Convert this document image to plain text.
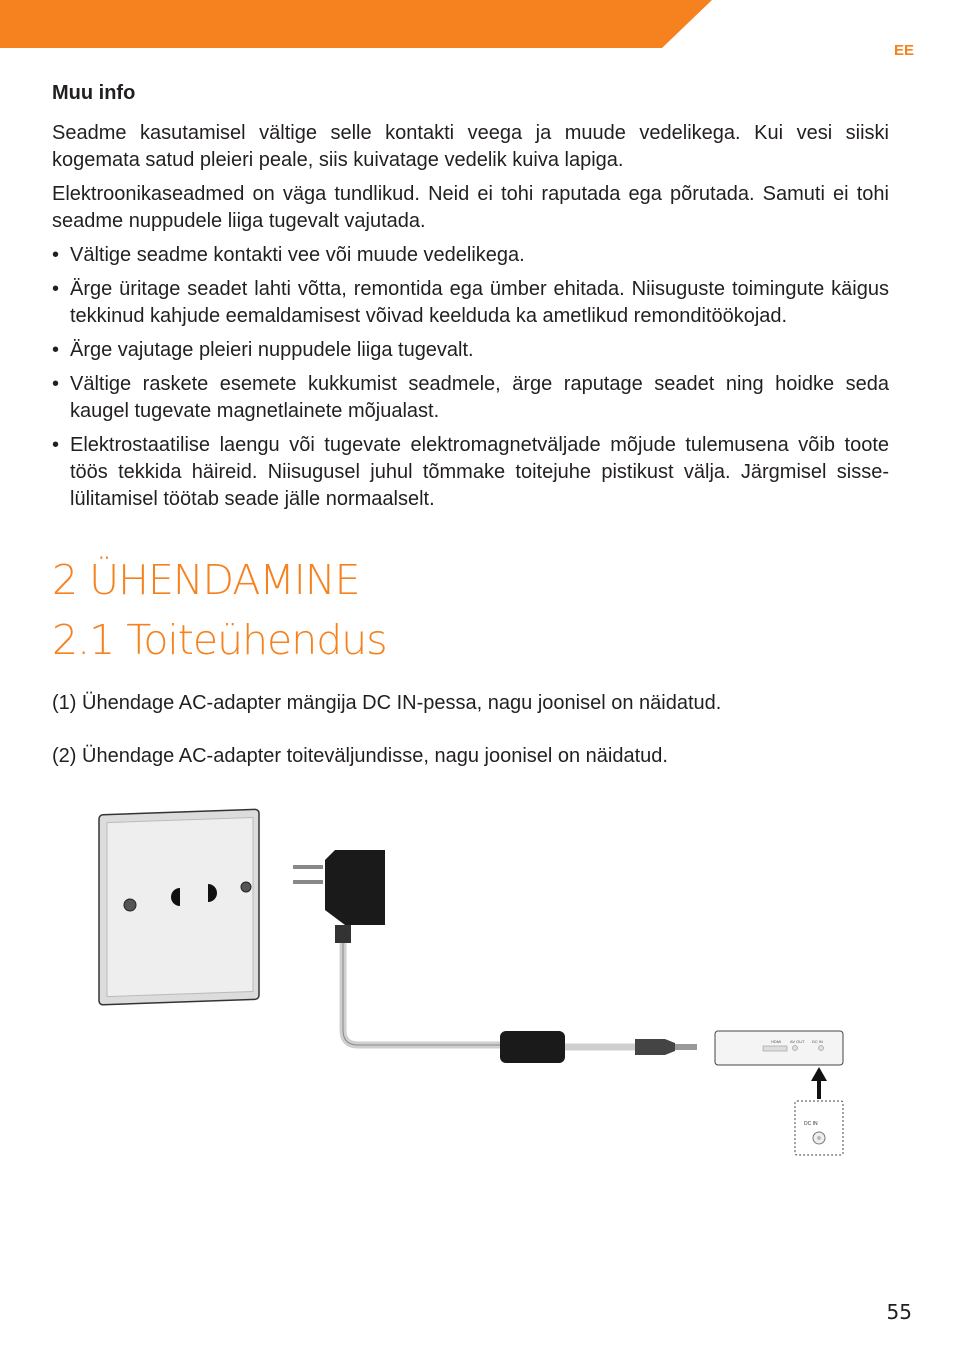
EE
Muu info

Seadme kasutamisel vältige selle kontakti veega ja muude vedelikega. Kui vesi siiski kogemata satud pleieri peale, siis kuivatage vedelik kuiva lapiga.

Elektroonikaseadmed on väga tundlikud. Neid ei tohi raputada ega põrutada. Samuti ei tohi seadme nuppudele liiga tugevalt vajutada.

• Vältige seadme kontakti vee või muude vedelikega.
• Ärge üritage seadet lahti võtta, remontida ega ümber ehitada. Niisuguste toimingute käigus tekkinud kahjude eemaldamisest võivad keelduda ka ametlikud remonditöökojad.
• Ärge vajutage pleieri nuppudele liiga tugevalt.
• Vältige raskete esemete kukkumist seadmele, ärge raputage seadet ning hoidke seda kaugel tugevate magnetlainete mõjualast.
• Elektrostaatilise laengu või tugevate elektromagnetväljade mõjude tulemusena võib toote töös tekkida häireid. Niisugusel juhul tõmmake toitejuhe pistikust välja. Järgmisel sisse- lülitamisel töötab seade jälle normaalselt.
2 ÜHENDAMINE
2.1 Toiteühendus
(1) Ühendage AC-adapter mängija DC IN-pessa, nagu joonisel on näidatud.
(2) Ühendage AC-adapter toiteväljundisse, nagu joonisel on näidatud.
HDMI AV OUT DC IN
DC IN
55
